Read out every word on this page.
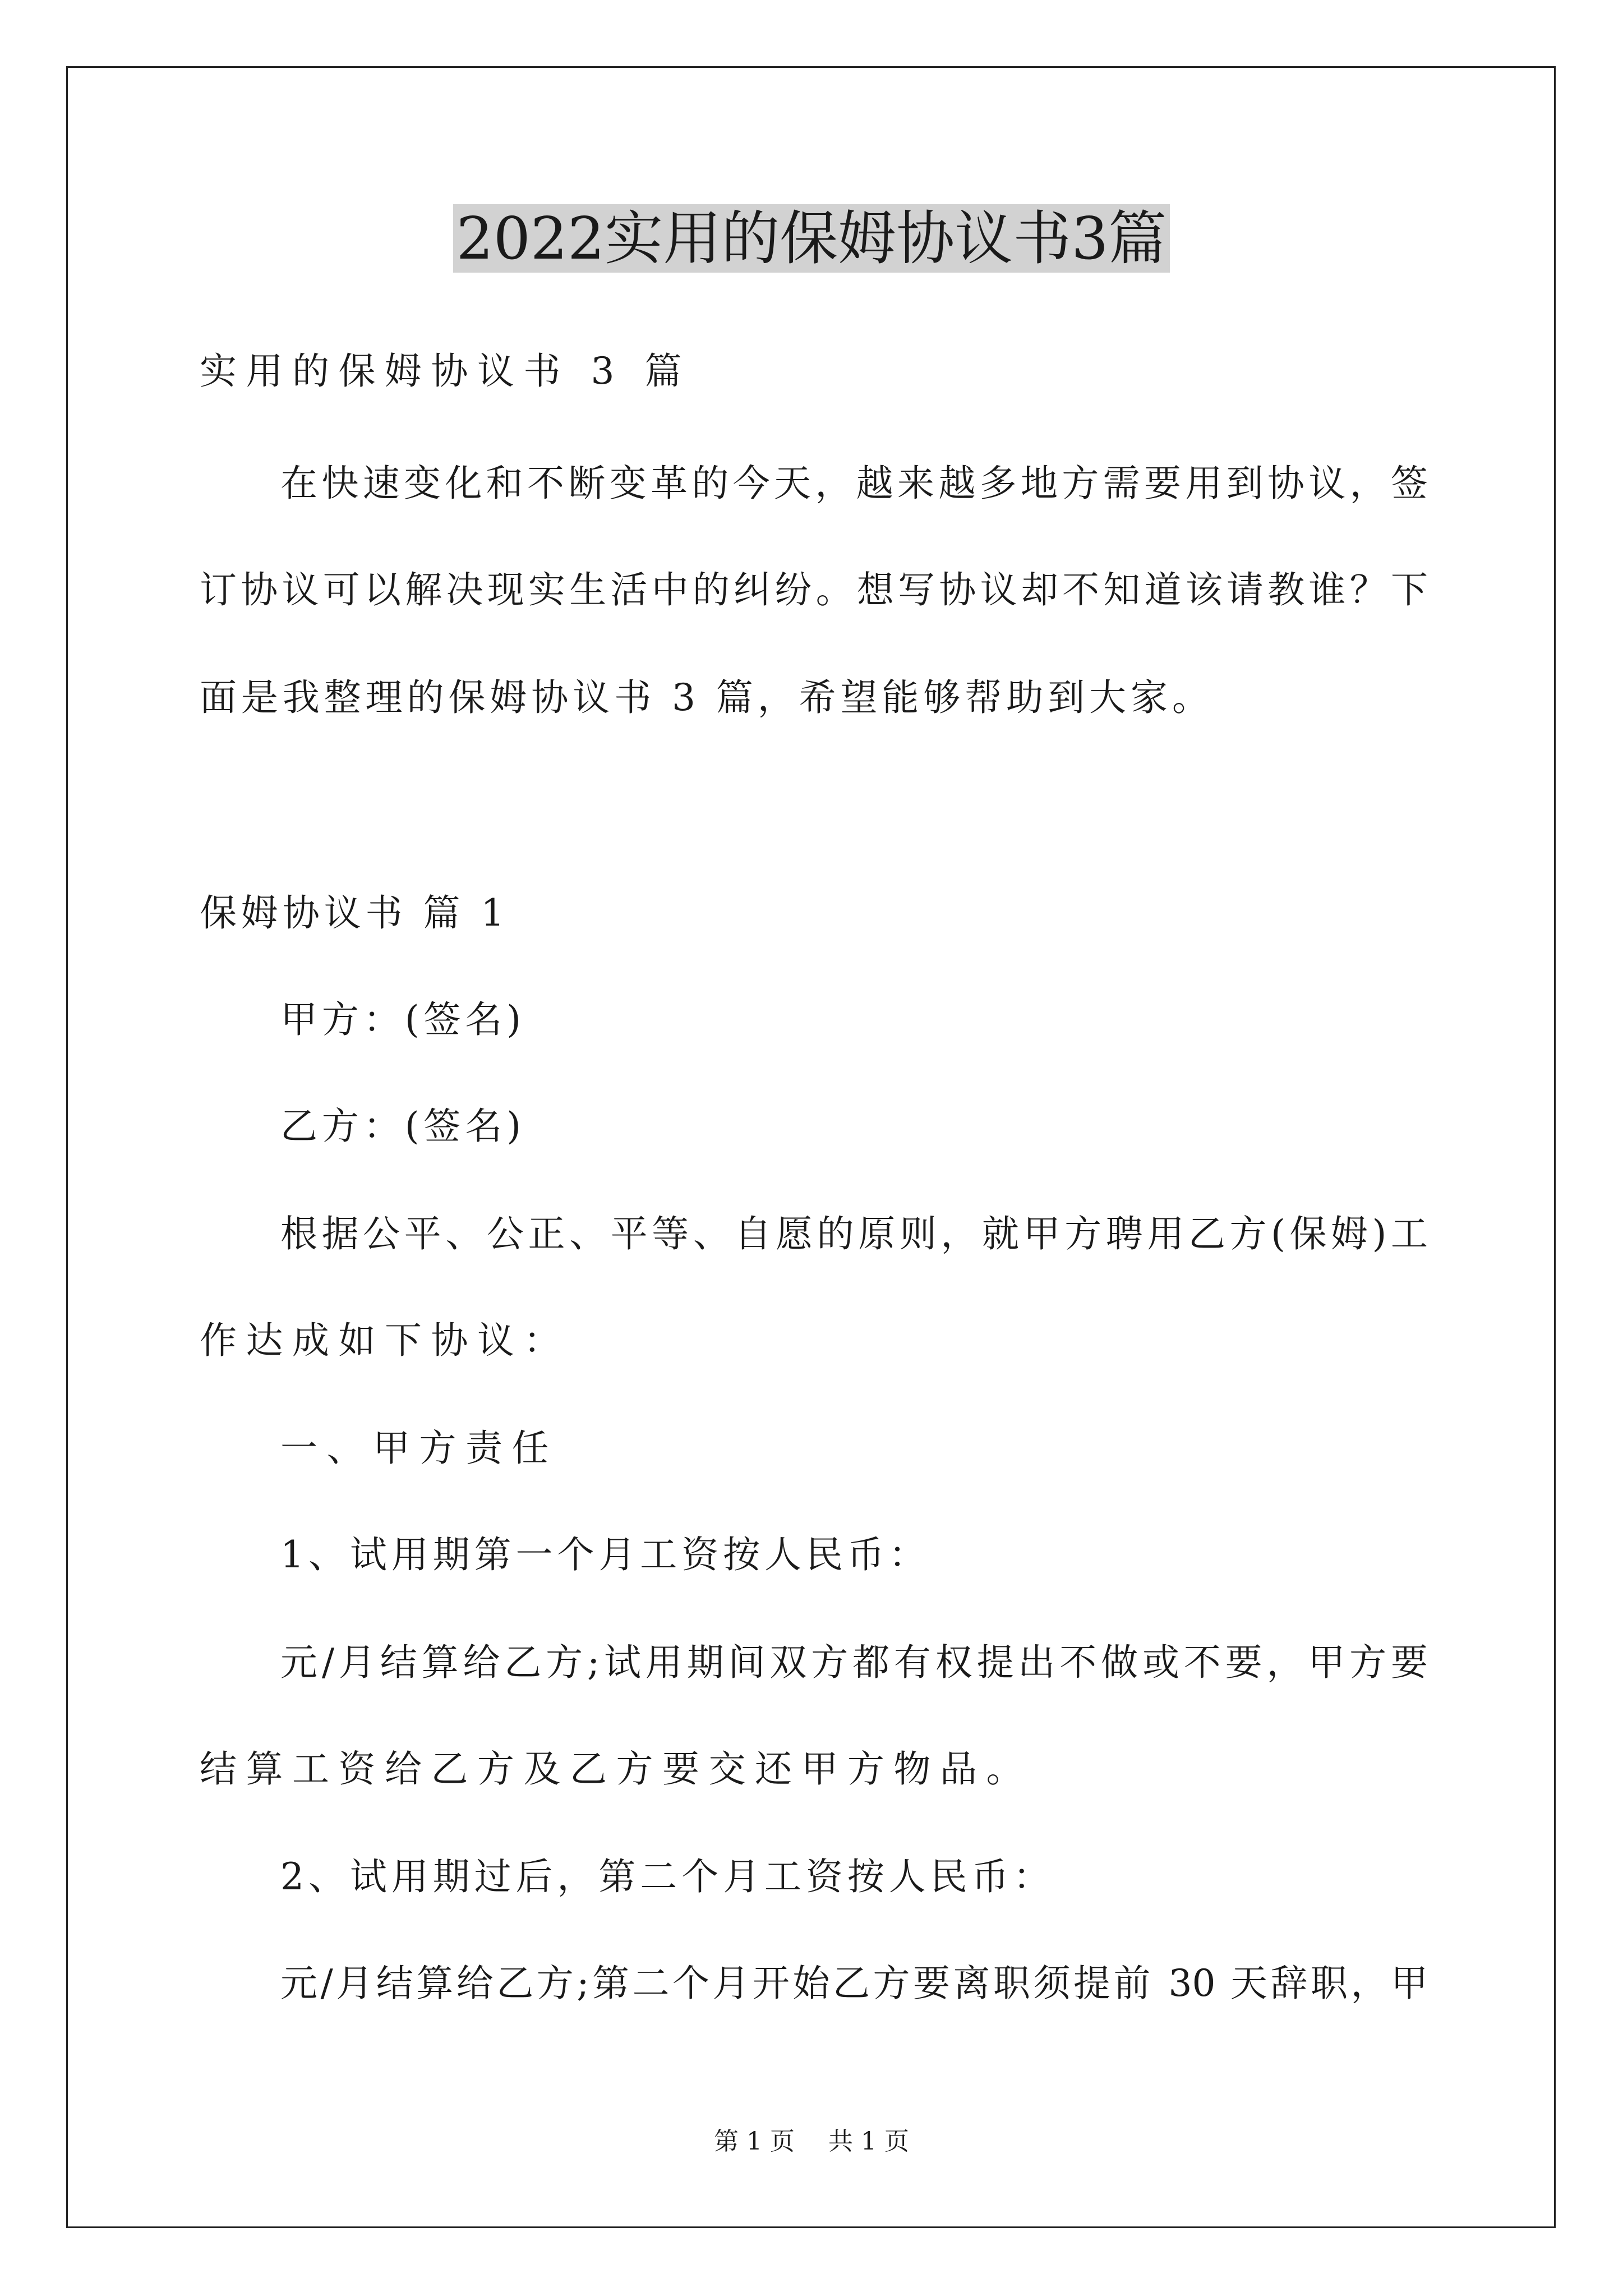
2022实用的保姆协议书3篇
实用的保姆协议书 3 篇
在快速变化和不断变革的今天，越来越多地方需要用到协议，签
订协议可以解决现实生活中的纠纷。想写协议却不知道该请教谁？下
面是我整理的保姆协议书 3 篇，希望能够帮助到大家。
保姆协议书 篇 1
甲方：(签名)
乙方：(签名)
根据公平、公正、平等、自愿的原则，就甲方聘用乙方(保姆)工
作达成如下协议：
一、甲方责任
1、试用期第一个月工资按人民币：
元/月结算给乙方;试用期间双方都有权提出不做或不要，甲方要
结算工资给乙方及乙方要交还甲方物品。
2、试用期过后，第二个月工资按人民币：
元/月结算给乙方;第二个月开始乙方要离职须提前 30 天辞职，甲
第 1 页 共 1 页
